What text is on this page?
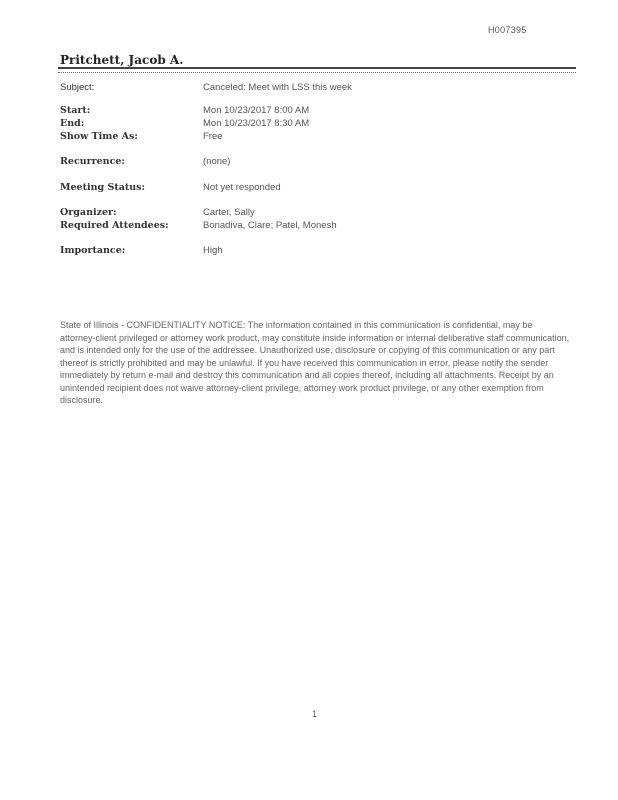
H007395
Pritchett, Jacob A.
Subject:	Canceled: Meet with LSS this week
Start:	Mon 10/23/2017 8:00 AM
End:	Mon 10/23/2017 8:30 AM
Show Time As:	Free
Recurrence:	(none)
Meeting Status:	Not yet responded
Organizer:	Carter, Sally
Required Attendees:	Bonadiva, Clare; Patel, Monesh
Importance:	High
State of Illinois - CONFIDENTIALITY NOTICE: The information contained in this communication is confidential, may be attorney-client privileged or attorney work product, may constitute inside information or internal deliberative staff communication, and is intended only for the use of the addressee. Unauthorized use, disclosure or copying of this communication or any part thereof is strictly prohibited and may be unlawful. If you have received this communication in error, please notify the sender immediately by return e-mail and destroy this communication and all copies thereof, including all attachments. Receipt by an unintended recipient does not waive attorney-client privilege, attorney work product privilege, or any other exemption from disclosure.
1
